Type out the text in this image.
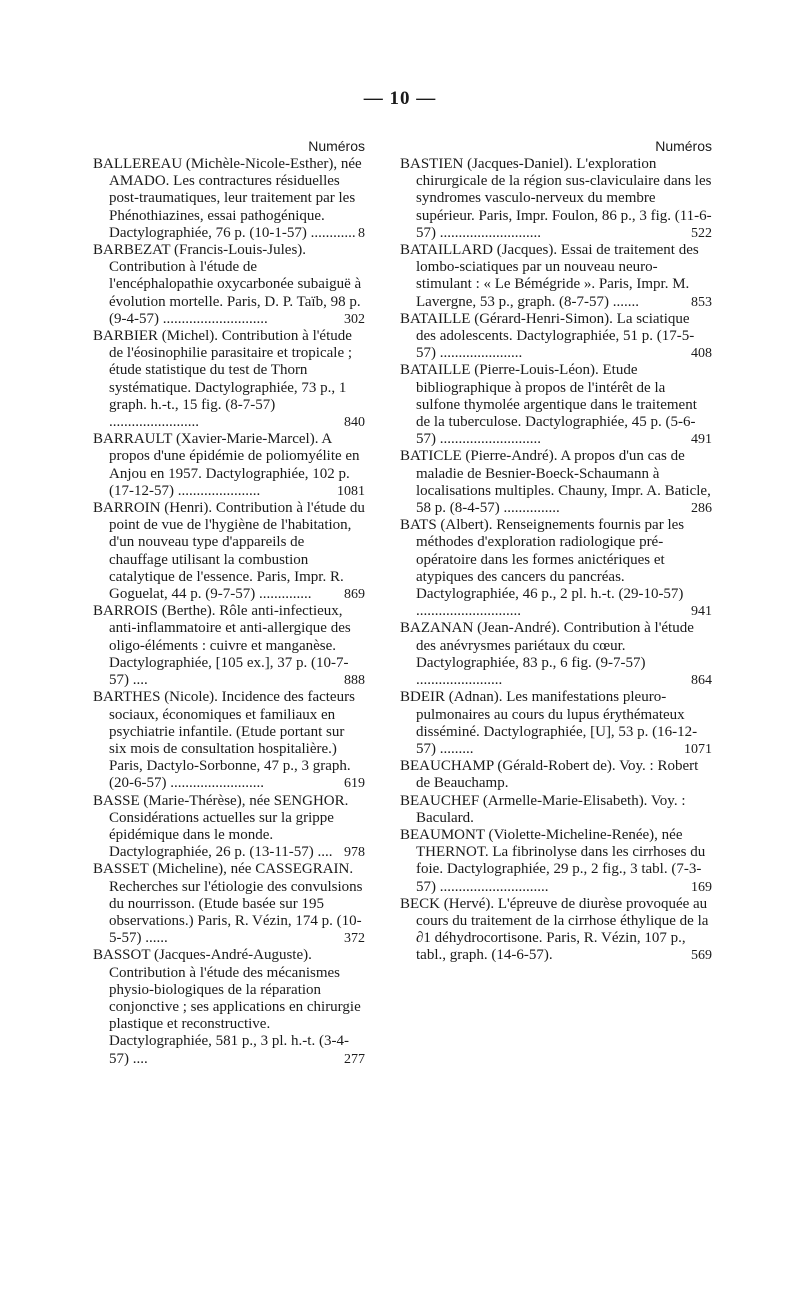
— 10 —
Numéros
BALLEREAU (Michèle-Nicole-Esther), née AMADO. Les contractures résiduelles post-traumatiques, leur traitement par les Phénothiazines, essai pathogénique. Dactylographiée, 76 p. (10-1-57) ............ 8
BARBEZAT (Francis-Louis-Jules). Contribution à l'étude de l'encéphalopathie oxycarbonée subaiguë à évolution mortelle. Paris, D. P. Taïb, 98 p. (9-4-57) ............................	302
BARBIER (Michel). Contribution à l'étude de l'éosinophilie parasitaire et tropicale ; étude statistique du test de Thorn systématique. Dactylographiée, 73 p., 1 graph. h.-t., 15 fig. (8-7-57) ........................	840
BARRAULT (Xavier-Marie-Marcel). A propos d'une épidémie de poliomyélite en Anjou en 1957. Dactylographiée, 102 p. (17-12-57) ......................	1081
BARROIN (Henri). Contribution à l'étude du point de vue de l'hygiène de l'habitation, d'un nouveau type d'appareils de chauffage utilisant la combustion catalytique de l'essence. Paris, Impr. R. Goguelat, 44 p. (9-7-57) ..............	869
BARROIS (Berthe). Rôle anti-infectieux, anti-inflammatoire et anti-allergique des oligo-éléments : cuivre et manganèse. Dactylographiée, [105 ex.], 37 p. (10-7-57) ....	888
BARTHES (Nicole). Incidence des facteurs sociaux, économiques et familiaux en psychiatrie infantile. (Etude portant sur six mois de consultation hospitalière.) Paris, Dactylo-Sorbonne, 47 p., 3 graph. (20-6-57) .........................	619
BASSE (Marie-Thérèse), née SENGHOR. Considérations actuelles sur la grippe épidémique dans le monde. Dactylographiée, 26 p. (13-11-57) .... 978
BASSET (Micheline), née CASSEGRAIN. Recherches sur l'étiologie des convulsions du nourrisson. (Etude basée sur 195 observations.) Paris, R. Vézin, 174 p. (10-5-57) ......	372
BASSOT (Jacques-André-Auguste). Contribution à l'étude des mécanismes physio-biologiques de la réparation conjonctive ; ses applications en chirurgie plastique et reconstructive. Dactylographiée, 581 p., 3 pl. h.-t. (3-4-57) ....	277
Numéros
BASTIEN (Jacques-Daniel). L'exploration chirurgicale de la région sus-claviculaire dans les syndromes vasculo-nerveux du membre supérieur. Paris, Impr. Foulon, 86 p., 3 fig. (11-6-57) ...........................	522
BATAILLARD (Jacques). Essai de traitement des lombo-sciatiques par un nouveau neuro-stimulant : « Le Bémégride ». Paris, Impr. M. Lavergne, 53 p., graph. (8-7-57) .......	853
BATAILLE (Gérard-Henri-Simon). La sciatique des adolescents. Dactylographiée, 51 p. (17-5-57) ......................	408
BATAILLE (Pierre-Louis-Léon). Etude bibliographique à propos de l'intérêt de la sulfone thymolée argentique dans le traitement de la tuberculose. Dactylographiée, 45 p. (5-6-57) ...........................	491
BATICLE (Pierre-André). A propos d'un cas de maladie de Besnier-Boeck-Schaumann à localisations multiples. Chauny, Impr. A. Baticle, 58 p. (8-4-57) ...............	286
BATS (Albert). Renseignements fournis par les méthodes d'exploration radiologique pré-opératoire dans les formes anictériques et atypiques des cancers du pancréas. Dactylographiée, 46 p., 2 pl. h.-t. (29-10-57) ............................	941
BAZANAN (Jean-André). Contribution à l'étude des anévrysmes pariétaux du cœur. Dactylographiée, 83 p., 6 fig. (9-7-57) .......................	864
BDEIR (Adnan). Les manifestations pleuro-pulmonaires au cours du lupus érythémateux disséminé. Dactylographiée, [U], 53 p. (16-12-57) .........	1071
BEAUCHAMP (Gérald-Robert de). Voy. : Robert de Beauchamp.
BEAUCHEF (Armelle-Marie-Elisabeth). Voy. : Baculard.
BEAUMONT (Violette-Micheline-Renée), née THERNOT. La fibrinolyse dans les cirrhoses du foie. Dactylographiée, 29 p., 2 fig., 3 tabl. (7-3-57) .............................	169
BECK (Hervé). L'épreuve de diurèse provoquée au cours du traitement de la cirrhose éthylique de la ∂1 déhydrocortisone. Paris, R. Vézin, 107 p., tabl., graph. (14-6-57).	569
